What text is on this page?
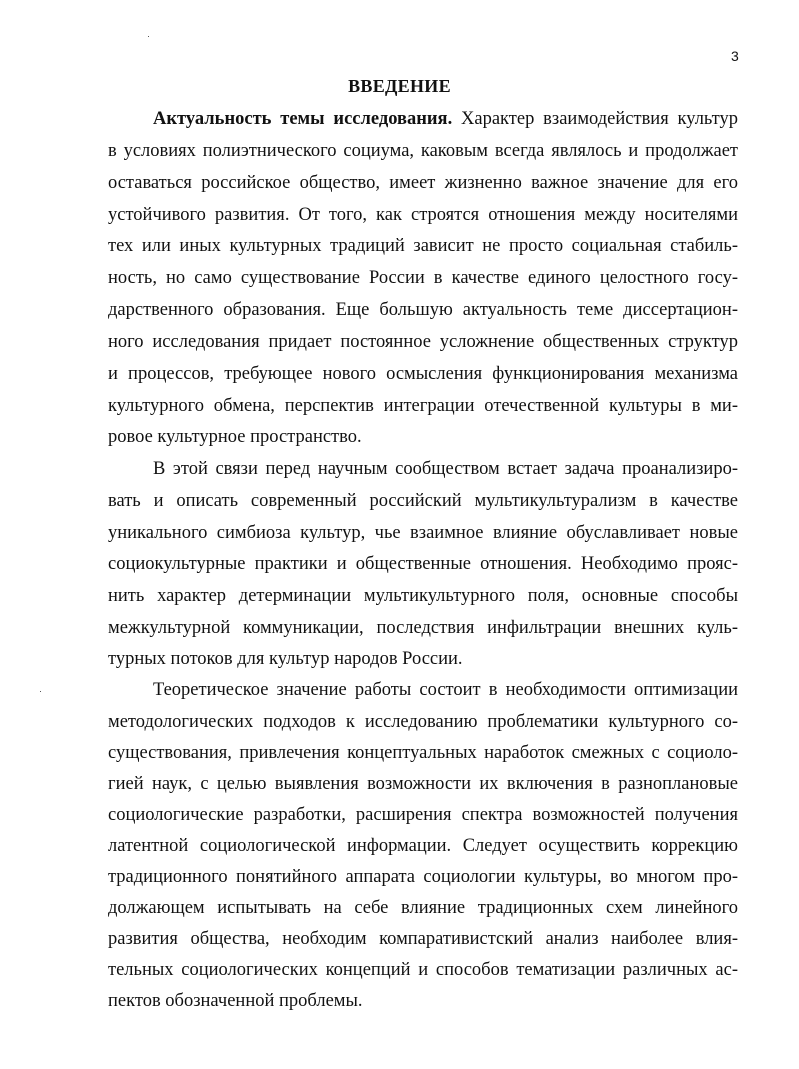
3
ВВЕДЕНИЕ
Актуальность темы исследования. Характер взаимодействия культур
в условиях полиэтнического социума, каковым всегда являлось и продолжает
оставаться российское общество, имеет жизненно важное значение для его
устойчивого развития. От того, как строятся отношения между носителями
тех или иных культурных традиций зависит не просто социальная стабиль-
ность, но само существование России в качестве единого целостного госу-
дарственного образования. Еще большую актуальность теме диссертацион-
ного исследования придает постоянное усложнение общественных структур
и процессов, требующее нового осмысления функционирования механизма
культурного обмена, перспектив интеграции отечественной культуры в ми-
ровое культурное пространство.
В этой связи перед научным сообществом встает задача проанализиро-
вать и описать современный российский мультикультурализм в качестве
уникального симбиоза культур, чье взаимное влияние обуславливает новые
социокультурные практики и общественные отношения. Необходимо прояс-
нить характер детерминации мультикультурного поля, основные способы
межкультурной коммуникации, последствия инфильтрации внешних куль-
турных потоков для культур народов России.
Теоретическое значение работы состоит в необходимости оптимизации
методологических подходов к исследованию проблематики культурного со-
существования, привлечения концептуальных наработок смежных с социоло-
гией наук, с целью выявления возможности их включения в разноплановые
социологические разработки, расширения спектра возможностей получения
латентной социологической информации. Следует осуществить коррекцию
традиционного понятийного аппарата социологии культуры, во многом про-
должающем испытывать на себе влияние традиционных схем линейного
развития общества, необходим компаративистский анализ наиболее влия-
тельных социологических концепций и способов тематизации различных ас-
пектов обозначенной проблемы.
